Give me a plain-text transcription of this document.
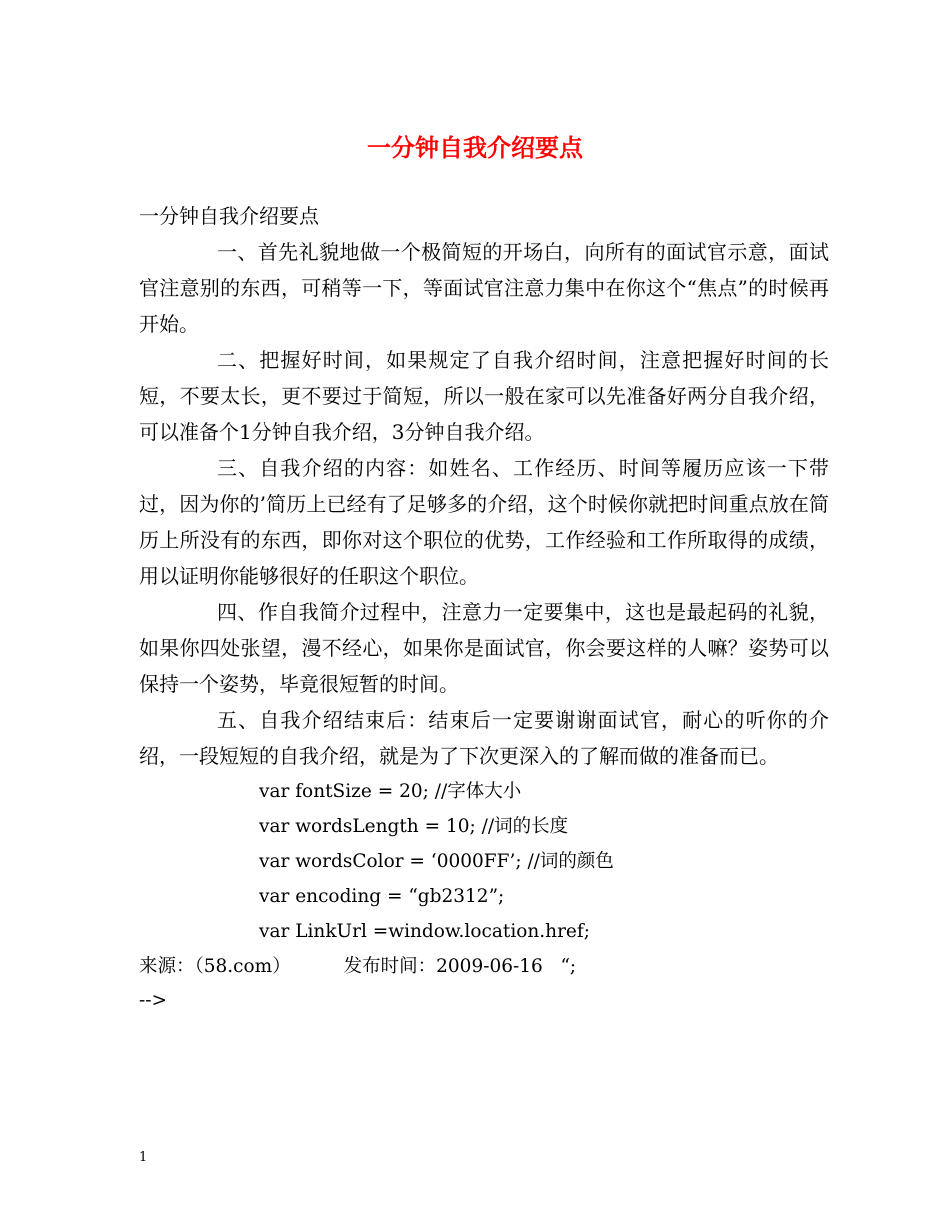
一分钟自我介绍要点

一分钟自我介绍要点

一、首先礼貌地做一个极简短的开场白，向所有的面试官示意，面试官注意别的东西，可稍等一下，等面试官注意力集中在你这个“焦点”的时候再开始。

二、把握好时间，如果规定了自我介绍时间，注意把握好时间的长短，不要太长，更不要过于简短，所以一般在家可以先准备好两分自我介绍，可以准备个1分钟自我介绍，3分钟自我介绍。

三、自我介绍的内容：如姓名、工作经历、时间等履历应该一下带过，因为你的’简历上已经有了足够多的介绍，这个时候你就把时间重点放在简历上所没有的东西，即你对这个职位的优势，工作经验和工作所取得的成绩，用以证明你能够很好的任职这个职位。

四、作自我简介过程中，注意力一定要集中，这也是最起码的礼貌，如果你四处张望，漫不经心，如果你是面试官，你会要这样的人嘛？姿势可以保持一个姿势，毕竟很短暂的时间。

五、自我介绍结束后：结束后一定要谢谢面试官，耐心的听你的介绍，一段短短的自我介绍，就是为了下次更深入的了解而做的准备而已。

var fontSize = 20; //字体大小
var wordsLength = 10; //词的长度
var wordsColor = ‘0000FF’; //词的颜色
var encoding = “gb2312”;
var LinkUrl =window.location.href;
来源：（58.com）         发布时间：2009-06-16   “;
-->
1
